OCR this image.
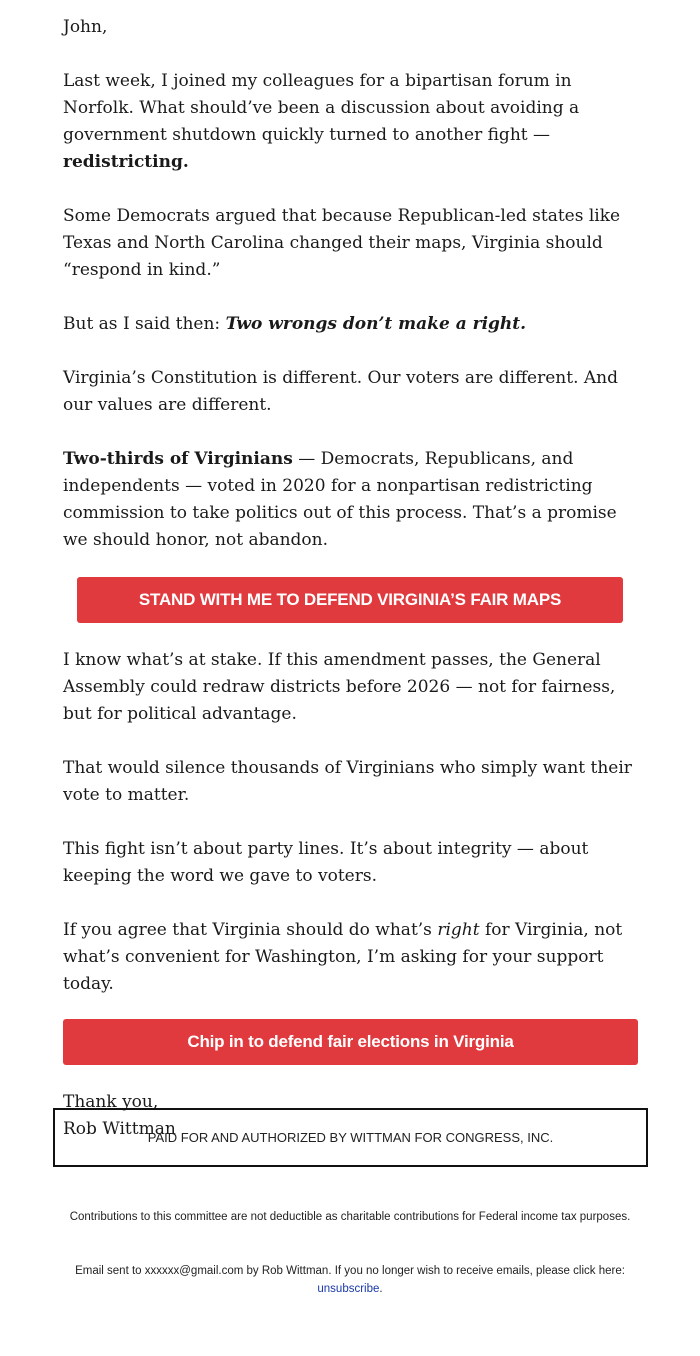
John,

Last week, I joined my colleagues for a bipartisan forum in Norfolk. What should’ve been a discussion about avoiding a government shutdown quickly turned to another fight — redistricting.

Some Democrats argued that because Republican-led states like Texas and North Carolina changed their maps, Virginia should “respond in kind.”

But as I said then: Two wrongs don’t make a right.

Virginia’s Constitution is different. Our voters are different. And our values are different.

Two-thirds of Virginians — Democrats, Republicans, and independents — voted in 2020 for a nonpartisan redistricting commission to take politics out of this process. That’s a promise we should honor, not abandon.

STAND WITH ME TO DEFEND VIRGINIA’S FAIR MAPS

I know what’s at stake. If this amendment passes, the General Assembly could redraw districts before 2026 — not for fairness, but for political advantage.

That would silence thousands of Virginians who simply want their vote to matter.

This fight isn’t about party lines. It’s about integrity — about keeping the word we gave to voters.

If you agree that Virginia should do what’s right for Virginia, not what’s convenient for Washington, I’m asking for your support today.

Chip in to defend fair elections in Virginia

Thank you,

Rob Wittman

PAID FOR AND AUTHORIZED BY WITTMAN FOR CONGRESS, INC.
Contributions to this committee are not deductible as charitable contributions for Federal income tax purposes.
Email sent to xxxxxx@gmail.com by Rob Wittman. If you no longer wish to receive emails, please click here:
unsubscribe.
